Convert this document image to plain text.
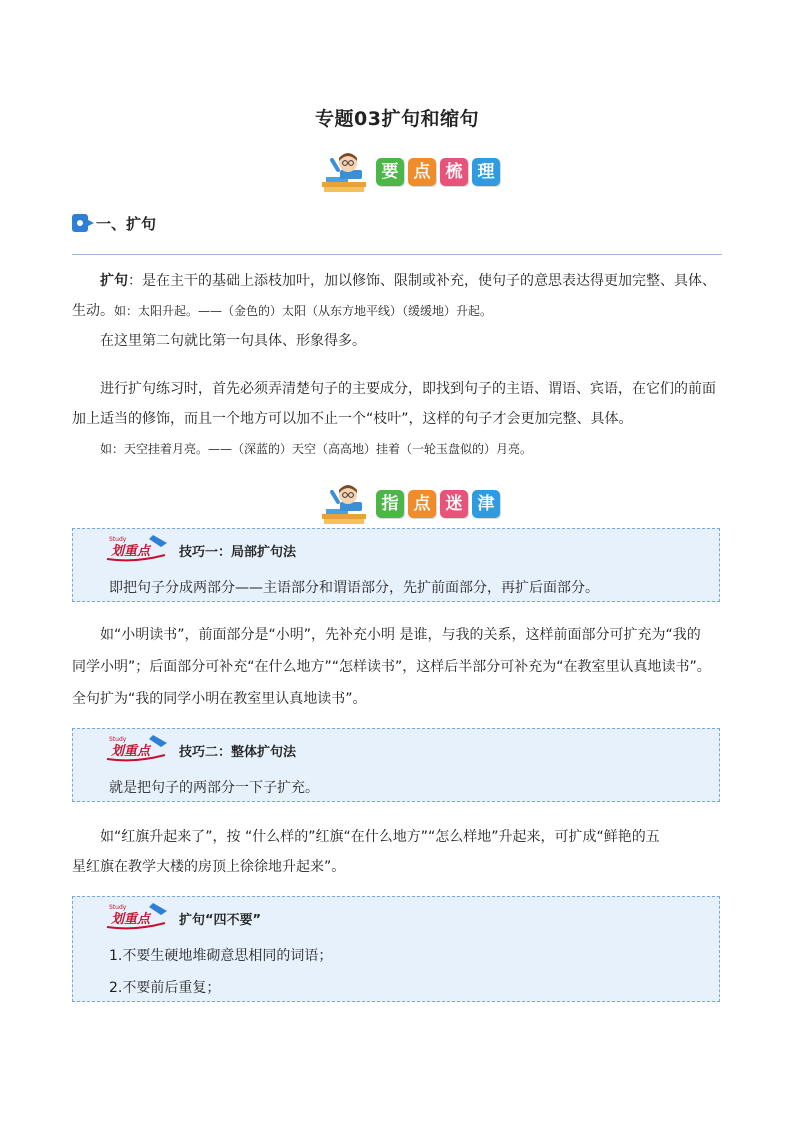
专题03扩句和缩句
要 点 梳 理
一、扩句
扩句：是在主干的基础上添枝加叶，加以修饰、限制或补充，使句子的意思表达得更加完整、具体、
生动。如：太阳升起。——（金色的）太阳（从东方地平线）（缓缓地）升起。
在这里第二句就比第一句具体、形象得多。
进行扩句练习时，首先必须弄清楚句子的主要成分，即找到句子的主语、谓语、宾语，在它们的前面
加上适当的修饰，而且一个地方可以加不止一个“枝叶”，这样的句子才会更加完整、具体。
如：天空挂着月亮。——（深蓝的）天空（高高地）挂着（一轮玉盘似的）月亮。
指 点 迷 津
Study
划重点 技巧一：局部扩句法
即把句子分成两部分——主语部分和谓语部分，先扩前面部分，再扩后面部分。
如“小明读书”，前面部分是“小明”，先补充小明 是谁，与我的关系，这样前面部分可扩充为“我的
同学小明”；后面部分可补充“在什么地方”“怎样读书”，这样后半部分可补充为“在教室里认真地读书”。
全句扩为“我的同学小明在教室里认真地读书”。
Study
划重点 技巧二：整体扩句法
就是把句子的两部分一下子扩充。
如“红旗升起来了”，按 “什么样的”红旗“在什么地方”“怎么样地”升起来，可扩成“鲜艳的五
星红旗在教学大楼的房顶上徐徐地升起来”。
Study
划重点 扩句“四不要”
1.不要生硬地堆砌意思相同的词语；
2.不要前后重复；
